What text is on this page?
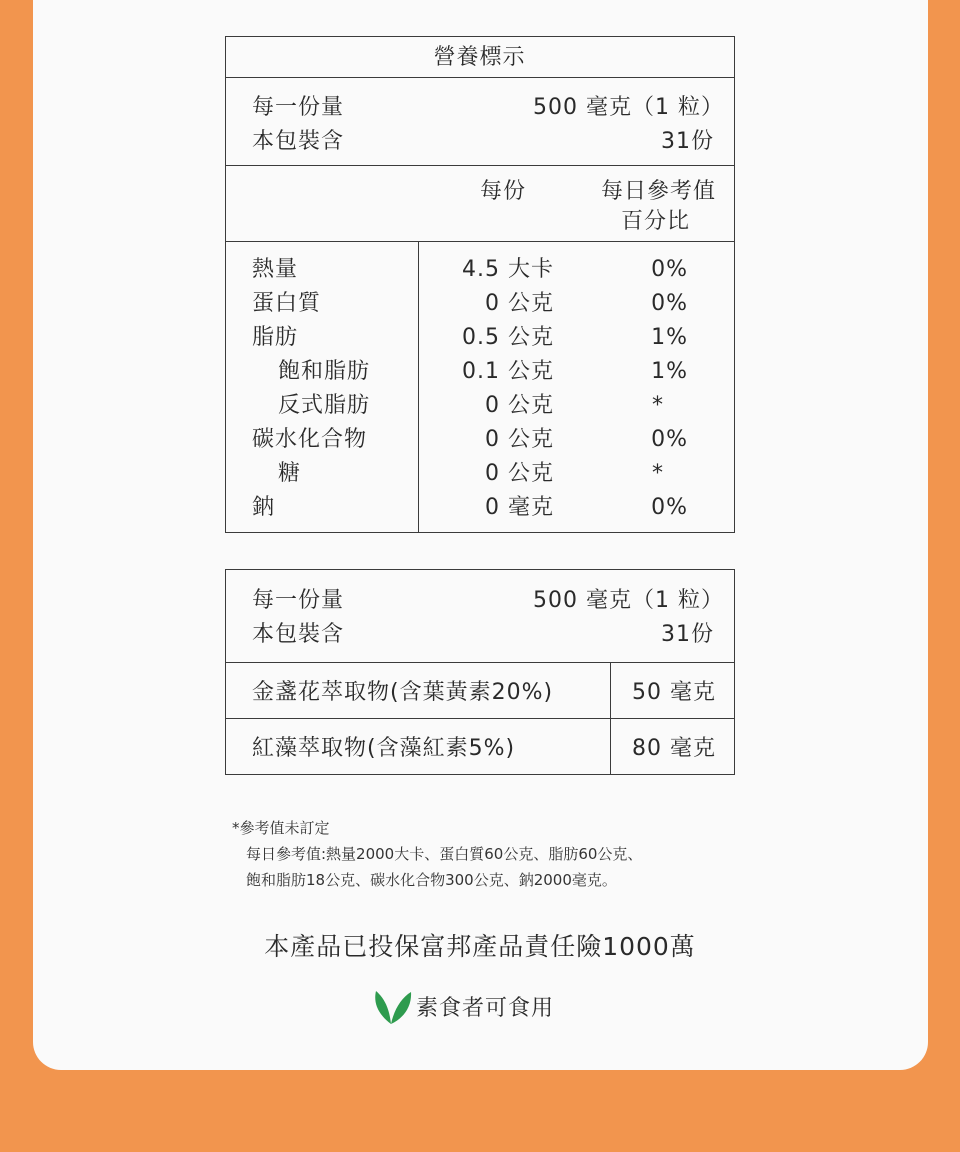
營養標示
每一份量	500 毫克（1 粒）
本包裝含	31份
每份	每日參考值
百分比
熱量	4.5 大卡	0%
蛋白質	0 公克	0%
脂肪	0.5 公克	1%
飽和脂肪	0.1 公克	1%
反式脂肪	0 公克	*
碳水化合物	0 公克	0%
糖	0 公克	*
鈉	0 毫克	0%
每一份量	500 毫克（1 粒）
本包裝含	31份
金盞花萃取物(含葉黃素20%)	50 毫克
紅藻萃取物(含藻紅素5%)	80 毫克
*參考值未訂定
每日參考值:熱量2000大卡、蛋白質60公克、脂肪60公克、
飽和脂肪18公克、碳水化合物300公克、鈉2000毫克。
本產品已投保富邦產品責任險1000萬
素食者可食用
